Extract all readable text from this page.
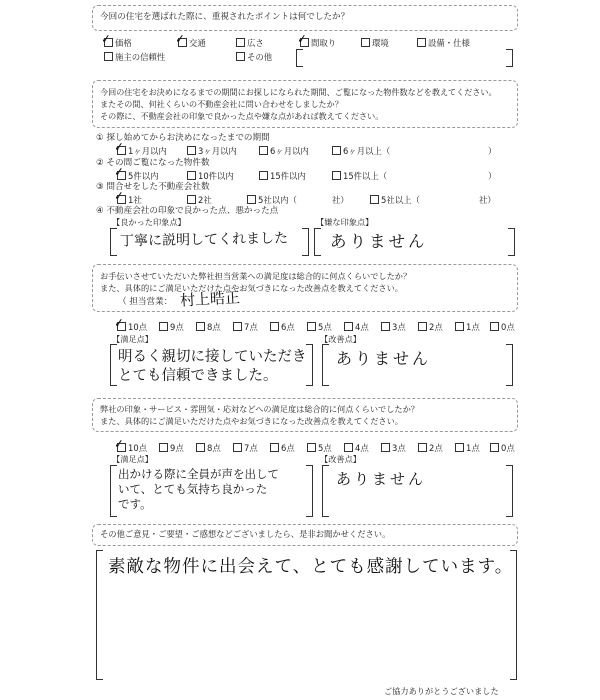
今回の住宅を選ばれた際に、重視されたポイントは何でしたか？
価格	交通	広さ	間取り	環境	設備・仕様
施主の信頼性	その他
✓	✓	✓
今回の住宅をお決めになるまでの期間にお探しになられた期間、ご覧になった物件数などを教えてください。
またその間、何社くらいの不動産会社に問い合わせをしましたか？
その際に、不動産会社の印象で良かった点や嫌な点があれば教えてください。
① 探し始めてからお決めになったまでの期間
1ヶ月以内	3ヶ月以内	6ヶ月以内	6ヶ月以上（	）
✓
② その間ご覧になった物件数
5件以内	10件以内	15件以内	15件以上（	）
✓
③ 問合せをした不動産会社数
1社	2社	5社以内（	社）	5社以上（	社）
✓
④ 不動産会社の印象で良かった点、悪かった点
【良かった印象点】	【嫌な印象点】
丁寧に説明してくれました	ありません
お手伝いさせていただいた弊社担当営業への満足度は総合的に何点くらいでしたか？
また、具体的にご満足いただけた点やお気づきになった改善点を教えてください。
（ 担当営業： 村上晧正
10点	9点	8点	7点	6点	5点	4点	3点	2点	1点	0点
✓
【満足点】	【改善点】
明るく親切に接していただき
とても信頼できました。
ありません
弊社の印象・サービス・雰囲気・応対などへの満足度は総合的に何点くらいでしたか？
また、具体的にご満足いただけた点やお気づきになった改善点を教えてください。
10点	9点	8点	7点	6点	5点	4点	3点	2点	1点	0点
✓
【満足点】	【改善点】
出かける際に全員が声を出して
いて、とても気持ち良かった
です。
ありません
その他ご意見・ご要望・ご感想などございましたら、是非お聞かせください。
素敵な物件に出会えて、とても感謝しています。
ご協力ありがとうございました
